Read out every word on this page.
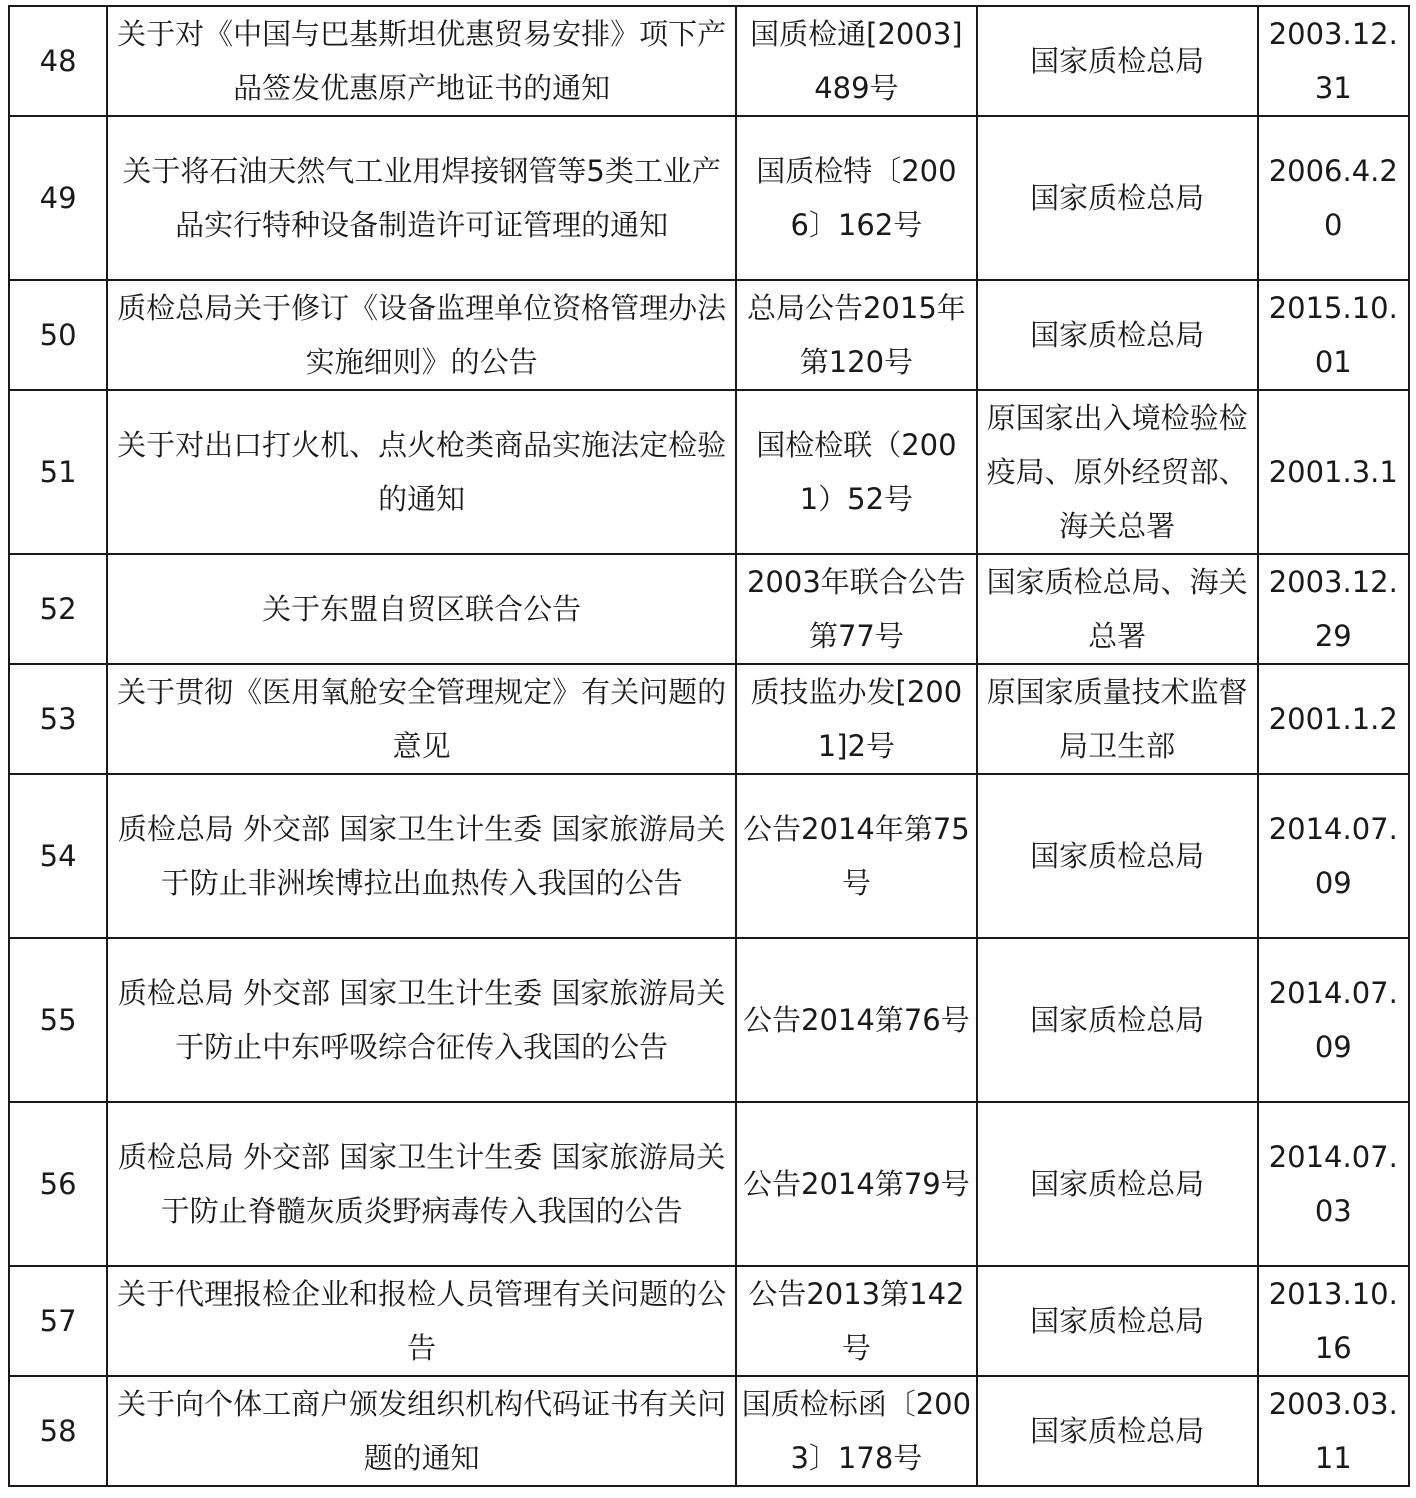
48	关于对《中国与巴基斯坦优惠贸易安排》项下产品签发优惠原产地证书的通知	国质检通[2003]489号	国家质检总局	2003.12.31
49	关于将石油天然气工业用焊接钢管等5类工业产品实行特种设备制造许可证管理的通知	国质检特〔2006〕162号	国家质检总局	2006.4.20
50	质检总局关于修订《设备监理单位资格管理办法实施细则》的公告	总局公告2015年第120号	国家质检总局	2015.10.01
51	关于对出口打火机、点火枪类商品实施法定检验的通知	国检检联（2001）52号	原国家出入境检验检疫局、原外经贸部、海关总署	2001.3.1
52	关于东盟自贸区联合公告	2003年联合公告第77号	国家质检总局、海关总署	2003.12.29
53	关于贯彻《医用氧舱安全管理规定》有关问题的意见	质技监办发[2001]2号	原国家质量技术监督局卫生部	2001.1.2
54	质检总局 外交部 国家卫生计生委 国家旅游局关于防止非洲埃博拉出血热传入我国的公告	公告2014年第75号	国家质检总局	2014.07.09
55	质检总局 外交部 国家卫生计生委 国家旅游局关于防止中东呼吸综合征传入我国的公告	公告2014第76号	国家质检总局	2014.07.09
56	质检总局 外交部 国家卫生计生委 国家旅游局关于防止脊髓灰质炎野病毒传入我国的公告	公告2014第79号	国家质检总局	2014.07.03
57	关于代理报检企业和报检人员管理有关问题的公告	公告2013第142号	国家质检总局	2013.10.16
58	关于向个体工商户颁发组织机构代码证书有关问题的通知	国质检标函〔2003〕178号	国家质检总局	2003.03.11
